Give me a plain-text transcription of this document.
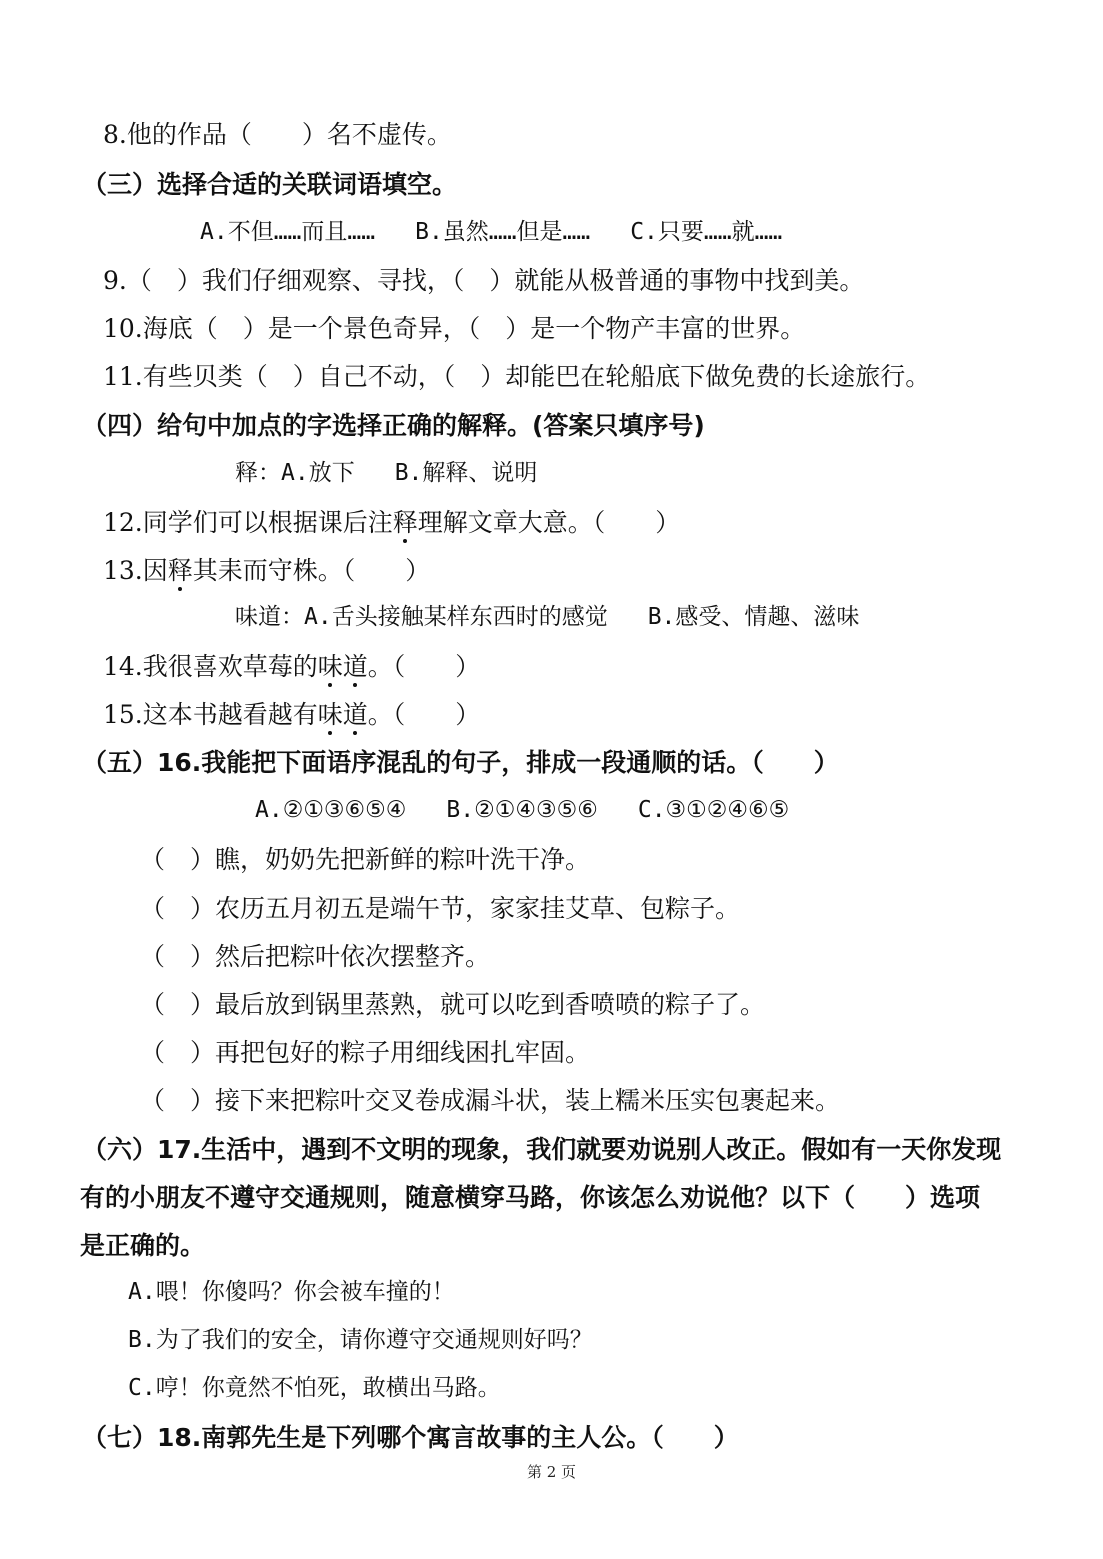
8.他的作品（　　）名不虚传。
（三）选择合适的关联词语填空。
A.不但……而且…… B.虽然……但是…… C.只要……就……
9.（　）我们仔细观察、寻找，（　）就能从极普通的事物中找到美。
10.海底（　）是一个景色奇异，（　）是一个物产丰富的世界。
11.有些贝类（　）自己不动，（　）却能巴在轮船底下做免费的长途旅行。
（四）给句中加点的字选择正确的解释。(答案只填序号)
释：A.放下 B.解释、说明
12.同学们可以根据课后注释理解文章大意。（　　）
13.因释其耒而守株。（　　）
味道：A.舌头接触某样东西时的感觉 B.感受、情趣、滋味
14.我很喜欢草莓的味道。（　　）
15.这本书越看越有味道。（　　）
（五）16.我能把下面语序混乱的句子，排成一段通顺的话。（　　）
A.②①③⑥⑤④ B.②①④③⑤⑥ C.③①②④⑥⑤
（　）瞧，奶奶先把新鲜的粽叶洗干净。
（　）农历五月初五是端午节，家家挂艾草、包粽子。
（　）然后把粽叶依次摆整齐。
（　）最后放到锅里蒸熟，就可以吃到香喷喷的粽子了。
（　）再把包好的粽子用细线困扎牢固。
（　）接下来把粽叶交叉卷成漏斗状，装上糯米压实包裹起来。
（六）17.生活中，遇到不文明的现象，我们就要劝说别人改正。假如有一天你发现
有的小朋友不遵守交通规则，随意横穿马路，你该怎么劝说他？以下（　　）选项
是正确的。
A.喂！你傻吗？你会被车撞的！
B.为了我们的安全，请你遵守交通规则好吗？
C.哼！你竟然不怕死，敢横出马路。
（七）18.南郭先生是下列哪个寓言故事的主人公。（　　）
第 2 页
